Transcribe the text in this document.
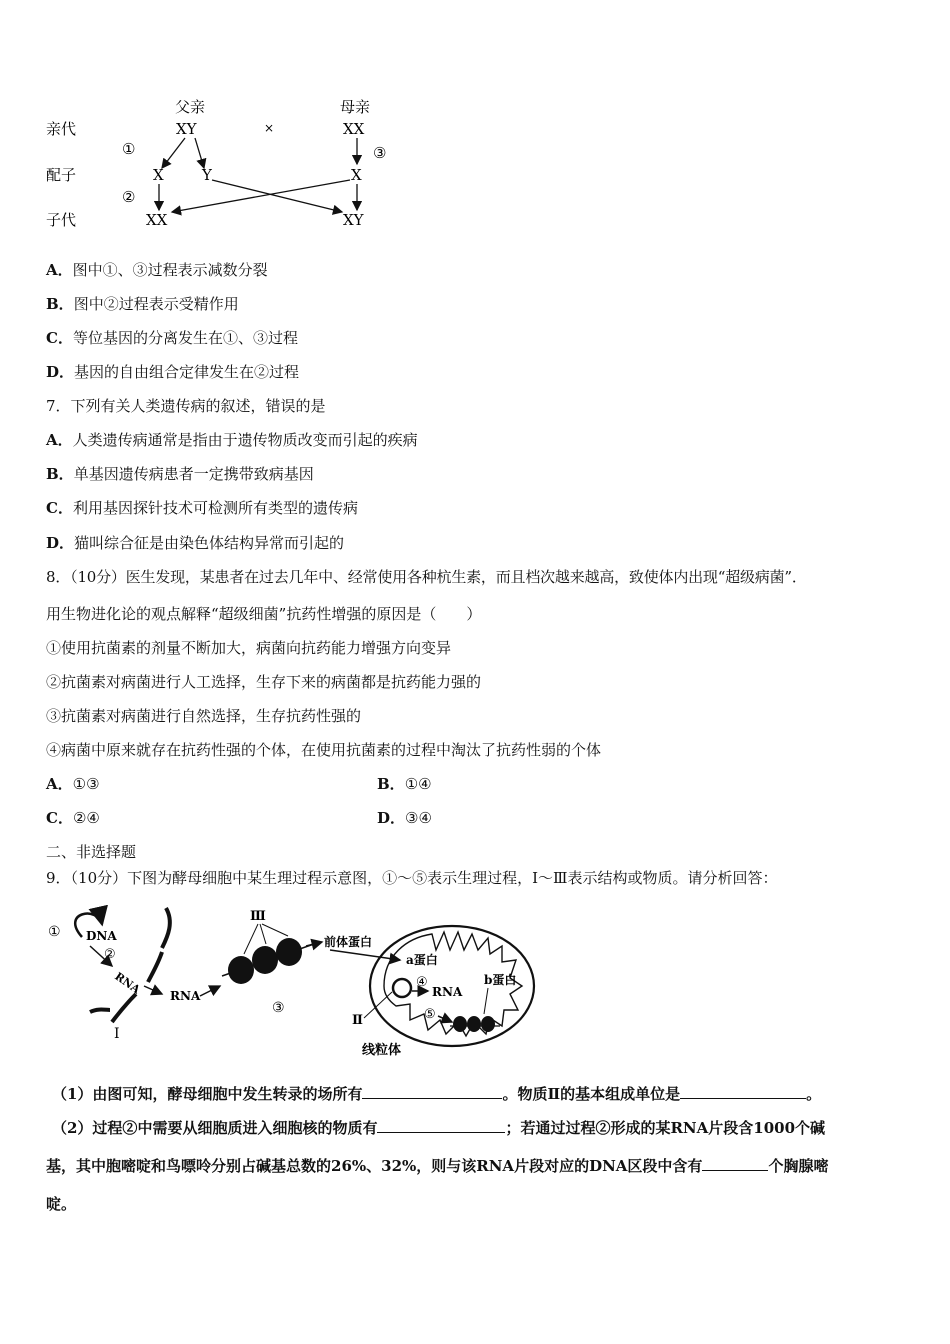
父亲	母亲
亲代	XY	×	XX
①	③
配子	X	Y	X
②
子代	XX	XY
A．图中①、③过程表示减数分裂
B．图中②过程表示受精作用
C．等位基因的分离发生在①、③过程
D．基因的自由组合定律发生在②过程
7．下列有关人类遗传病的叙述，错误的是
A．人类遗传病通常是指由于遗传物质改变而引起的疾病
B．单基因遗传病患者一定携带致病基因
C．利用基因探针技术可检测所有类型的遗传病
D．猫叫综合征是由染色体结构异常而引起的
8．（10分）医生发现，某患者在过去几年中、经常使用各种杭生素，而且档次越来越高，致使体内出现“超级病菌”．
用生物进化论的观点解释“超级细菌”抗药性增强的原因是（　　）
①使用抗菌素的剂量不断加大，病菌向抗药能力增强方向变异
②抗菌素对病菌进行人工选择，生存下来的病菌都是抗药能力强的
③抗菌素对病菌进行自然选择，生存抗药性强的
④病菌中原来就存在抗药性强的个体，在使用抗菌素的过程中淘汰了抗药性弱的个体
A．①③	B．①④
C．②④	D．③④
二、非选择题
9．（10分）下图为酵母细胞中某生理过程示意图，①～⑤表示生理过程，Ⅰ～Ⅲ表示结构或物质。请分析回答：
① DNA
②
RNA
Ⅰ
RNA
Ⅲ
③
前体蛋白
a蛋白
④
RNA
b蛋白
⑤
Ⅱ
线粒体
（1）由图可知，酵母细胞中发生转录的场所有	。物质Ⅱ的基本组成单位是	。
（2）过程②中需要从细胞质进入细胞核的物质有	；若通过过程②形成的某RNA片段含1000个碱
基，其中胞嘧啶和鸟嘌呤分别占碱基总数的26%、32%，则与该RNA片段对应的DNA区段中含有	个胸腺嘧
啶。
